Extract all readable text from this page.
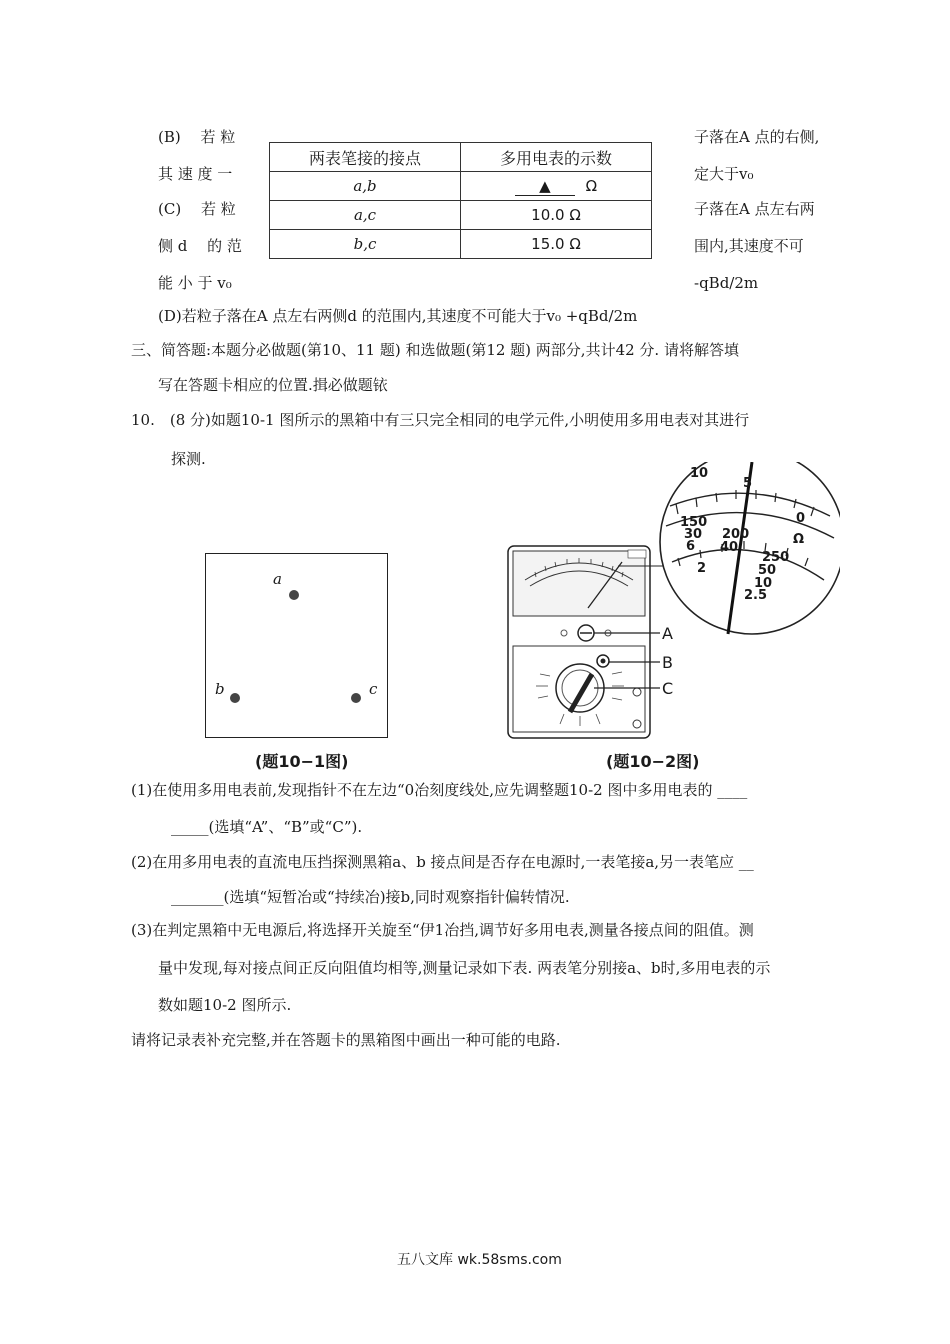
(B)　 若 粒
其 速 度 一
子落在A 点的右侧,
定大于v₀
(C)　 若 粒
侧 d　 的 范
能 小 于 v₀
子落在A 点左右两
围内,其速度不可
-qBd/2m
两表笔接的接点	多用电表的示数
a,b	▲ Ω
a,c	10.0 Ω
b,c	15.0 Ω
(D)若粒子落在A 点左右两侧d 的范围内,其速度不可能大于v₀ +qBd/2m
三、简答题:本题分必做题(第10、11 题) 和选做题(第12 题) 两部分,共计42 分. 请将解答填
写在答题卡相应的位置.揖必做题铱
10.　(8 分)如题10-1 图所示的黑箱中有三只完全相同的电学元件,小明使用多用电表对其进行
探测.
a
b	c
(题10−1图)
10
5
0
Ω
150
30
6
200
40
2
250
50
10
2.5
A
B
C
(题10−2图)
(1)在使用多用电表前,发现指针不在左边“0冶刻度线处,应先调整题10-2 图中多用电表的 ____
_____(选填“A”、“B”或“C”).
(2)在用多用电表的直流电压挡探测黑箱a、b 接点间是否存在电源时,一表笔接a,另一表笔应 __
_______(选填“短暂冶或“持续冶)接b,同时观察指针偏转情况.
(3)在判定黑箱中无电源后,将选择开关旋至“伊1冶挡,调节好多用电表,测量各接点间的阻值。测
量中发现,每对接点间正反向阻值均相等,测量记录如下表. 两表笔分别接a、b时,多用电表的示
数如题10-2 图所示.
请将记录表补充完整,并在答题卡的黑箱图中画出一种可能的电路.
五八文库 wk.58sms.com
